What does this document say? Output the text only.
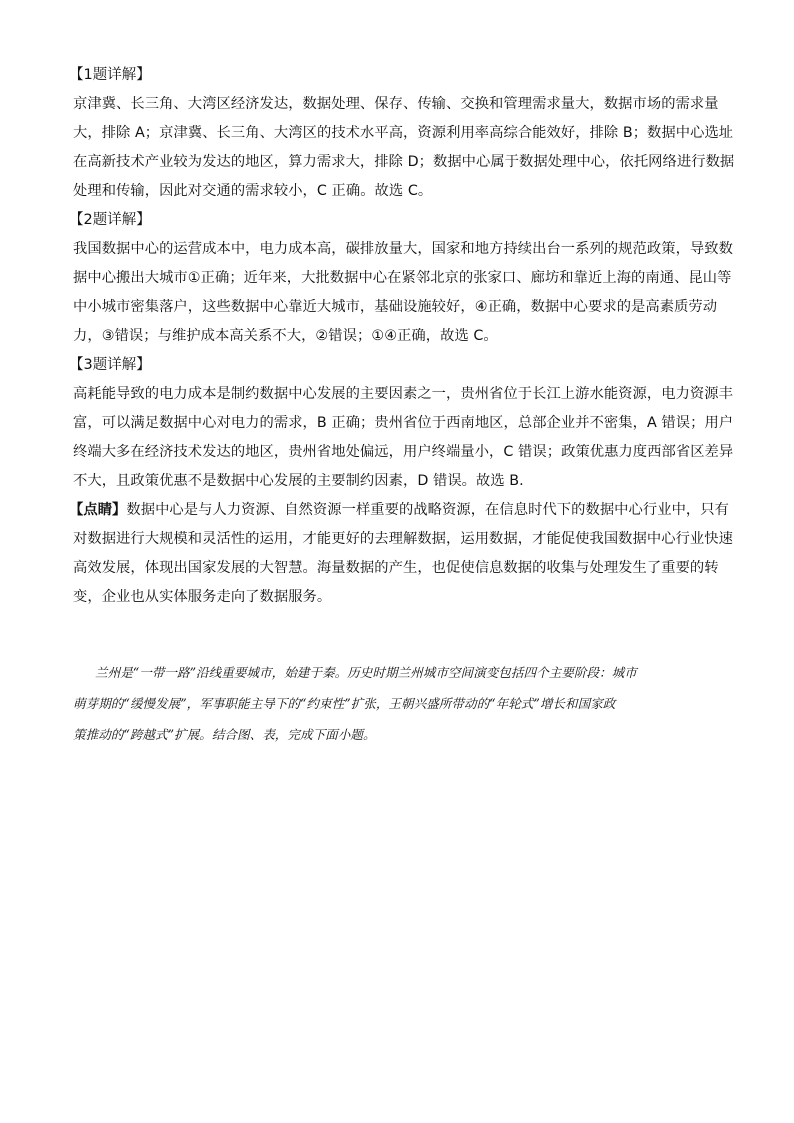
【1题详解】
京津冀、长三角、大湾区经济发达，数据处理、保存、传输、交换和管理需求量大，数据市场的需求量
大，排除 A；京津冀、长三角、大湾区的技术水平高，资源利用率高综合能效好，排除 B；数据中心选址
在高新技术产业较为发达的地区，算力需求大，排除 D；数据中心属于数据处理中心，依托网络进行数据
处理和传输，因此对交通的需求较小，C 正确。故选 C。
【2题详解】
我国数据中心的运营成本中，电力成本高，碳排放量大，国家和地方持续出台一系列的规范政策，导致数
据中心搬出大城市①正确；近年来，大批数据中心在紧邻北京的张家口、廊坊和靠近上海的南通、昆山等
中小城市密集落户，这些数据中心靠近大城市，基础设施较好，④正确，数据中心要求的是高素质劳动
力，③错误；与维护成本高关系不大，②错误；①④正确，故选 C。
【3题详解】
高耗能导致的电力成本是制约数据中心发展的主要因素之一，贵州省位于长江上游水能资源，电力资源丰
富，可以满足数据中心对电力的需求，B 正确；贵州省位于西南地区，总部企业并不密集，A 错误；用户
终端大多在经济技术发达的地区，贵州省地处偏远，用户终端量小，C 错误；政策优惠力度西部省区差异
不大，且政策优惠不是数据中心发展的主要制约因素，D 错误。故选 B.
【点睛】数据中心是与人力资源、自然资源一样重要的战略资源，在信息时代下的数据中心行业中，只有
对数据进行大规模和灵活性的运用，才能更好的去理解数据，运用数据，才能促使我国数据中心行业快速
高效发展，体现出国家发展的大智慧。海量数据的产生，也促使信息数据的收集与处理发生了重要的转
变，企业也从实体服务走向了数据服务。
兰州是“一带一路”沿线重要城市，始建于秦。历史时期兰州城市空间演变包括四个主要阶段：城市
萌芽期的“缓慢发展”，军事职能主导下的“约束性”扩张，王朝兴盛所带动的“年轮式”增长和国家政
策推动的“跨越式”扩展。结合图、表，完成下面小题。
